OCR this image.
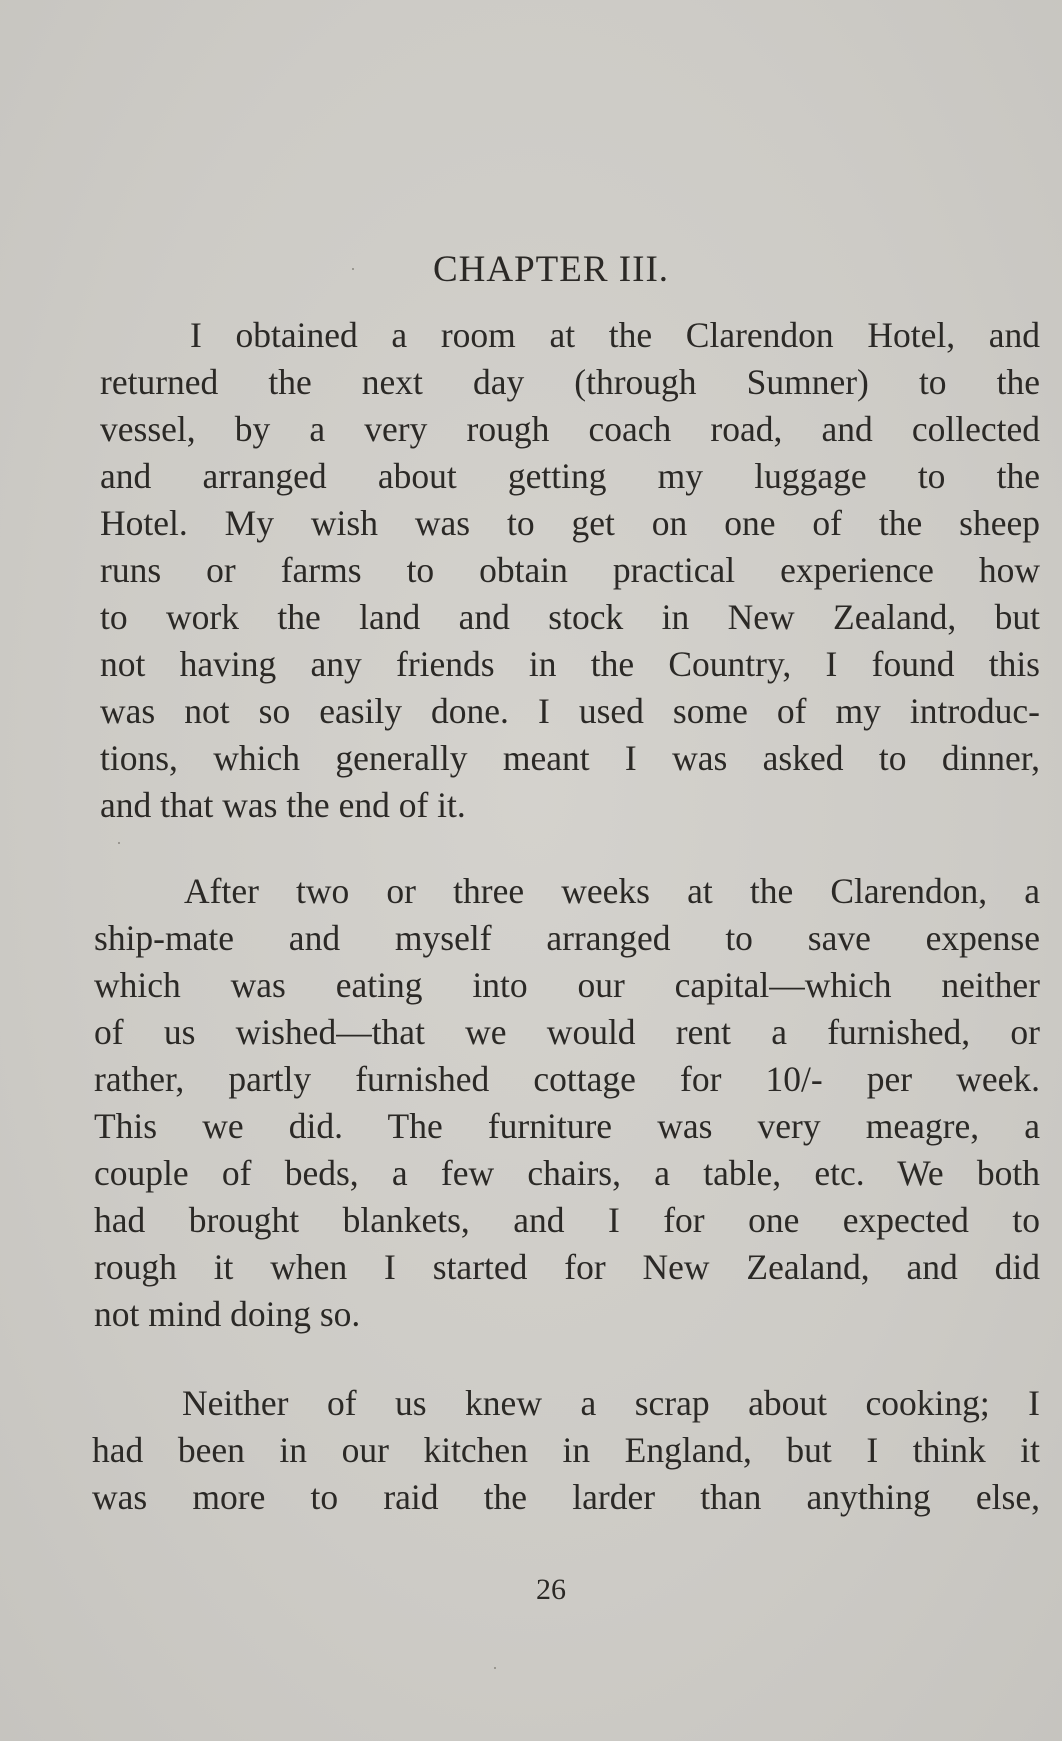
CHAPTER III.
I obtained a room at the Clarendon Hotel, and
returned the next day (through Sumner) to the
vessel, by a very rough coach road, and collected
and arranged about getting my luggage to the
Hotel. My wish was to get on one of the sheep
runs or farms to obtain practical experience how
to work the land and stock in New Zealand, but
not having any friends in the Country, I found this
was not so easily done. I used some of my introduc-
tions, which generally meant I was asked to dinner,
and that was the end of it.
After two or three weeks at the Clarendon, a
ship-mate and myself arranged to save expense
which was eating into our capital—which neither
of us wished—that we would rent a furnished, or
rather, partly furnished cottage for 10/- per week.
This we did. The furniture was very meagre, a
couple of beds, a few chairs, a table, etc. We both
had brought blankets, and I for one expected to
rough it when I started for New Zealand, and did
not mind doing so.
Neither of us knew a scrap about cooking; I
had been in our kitchen in England, but I think it
was more to raid the larder than anything else,
26
